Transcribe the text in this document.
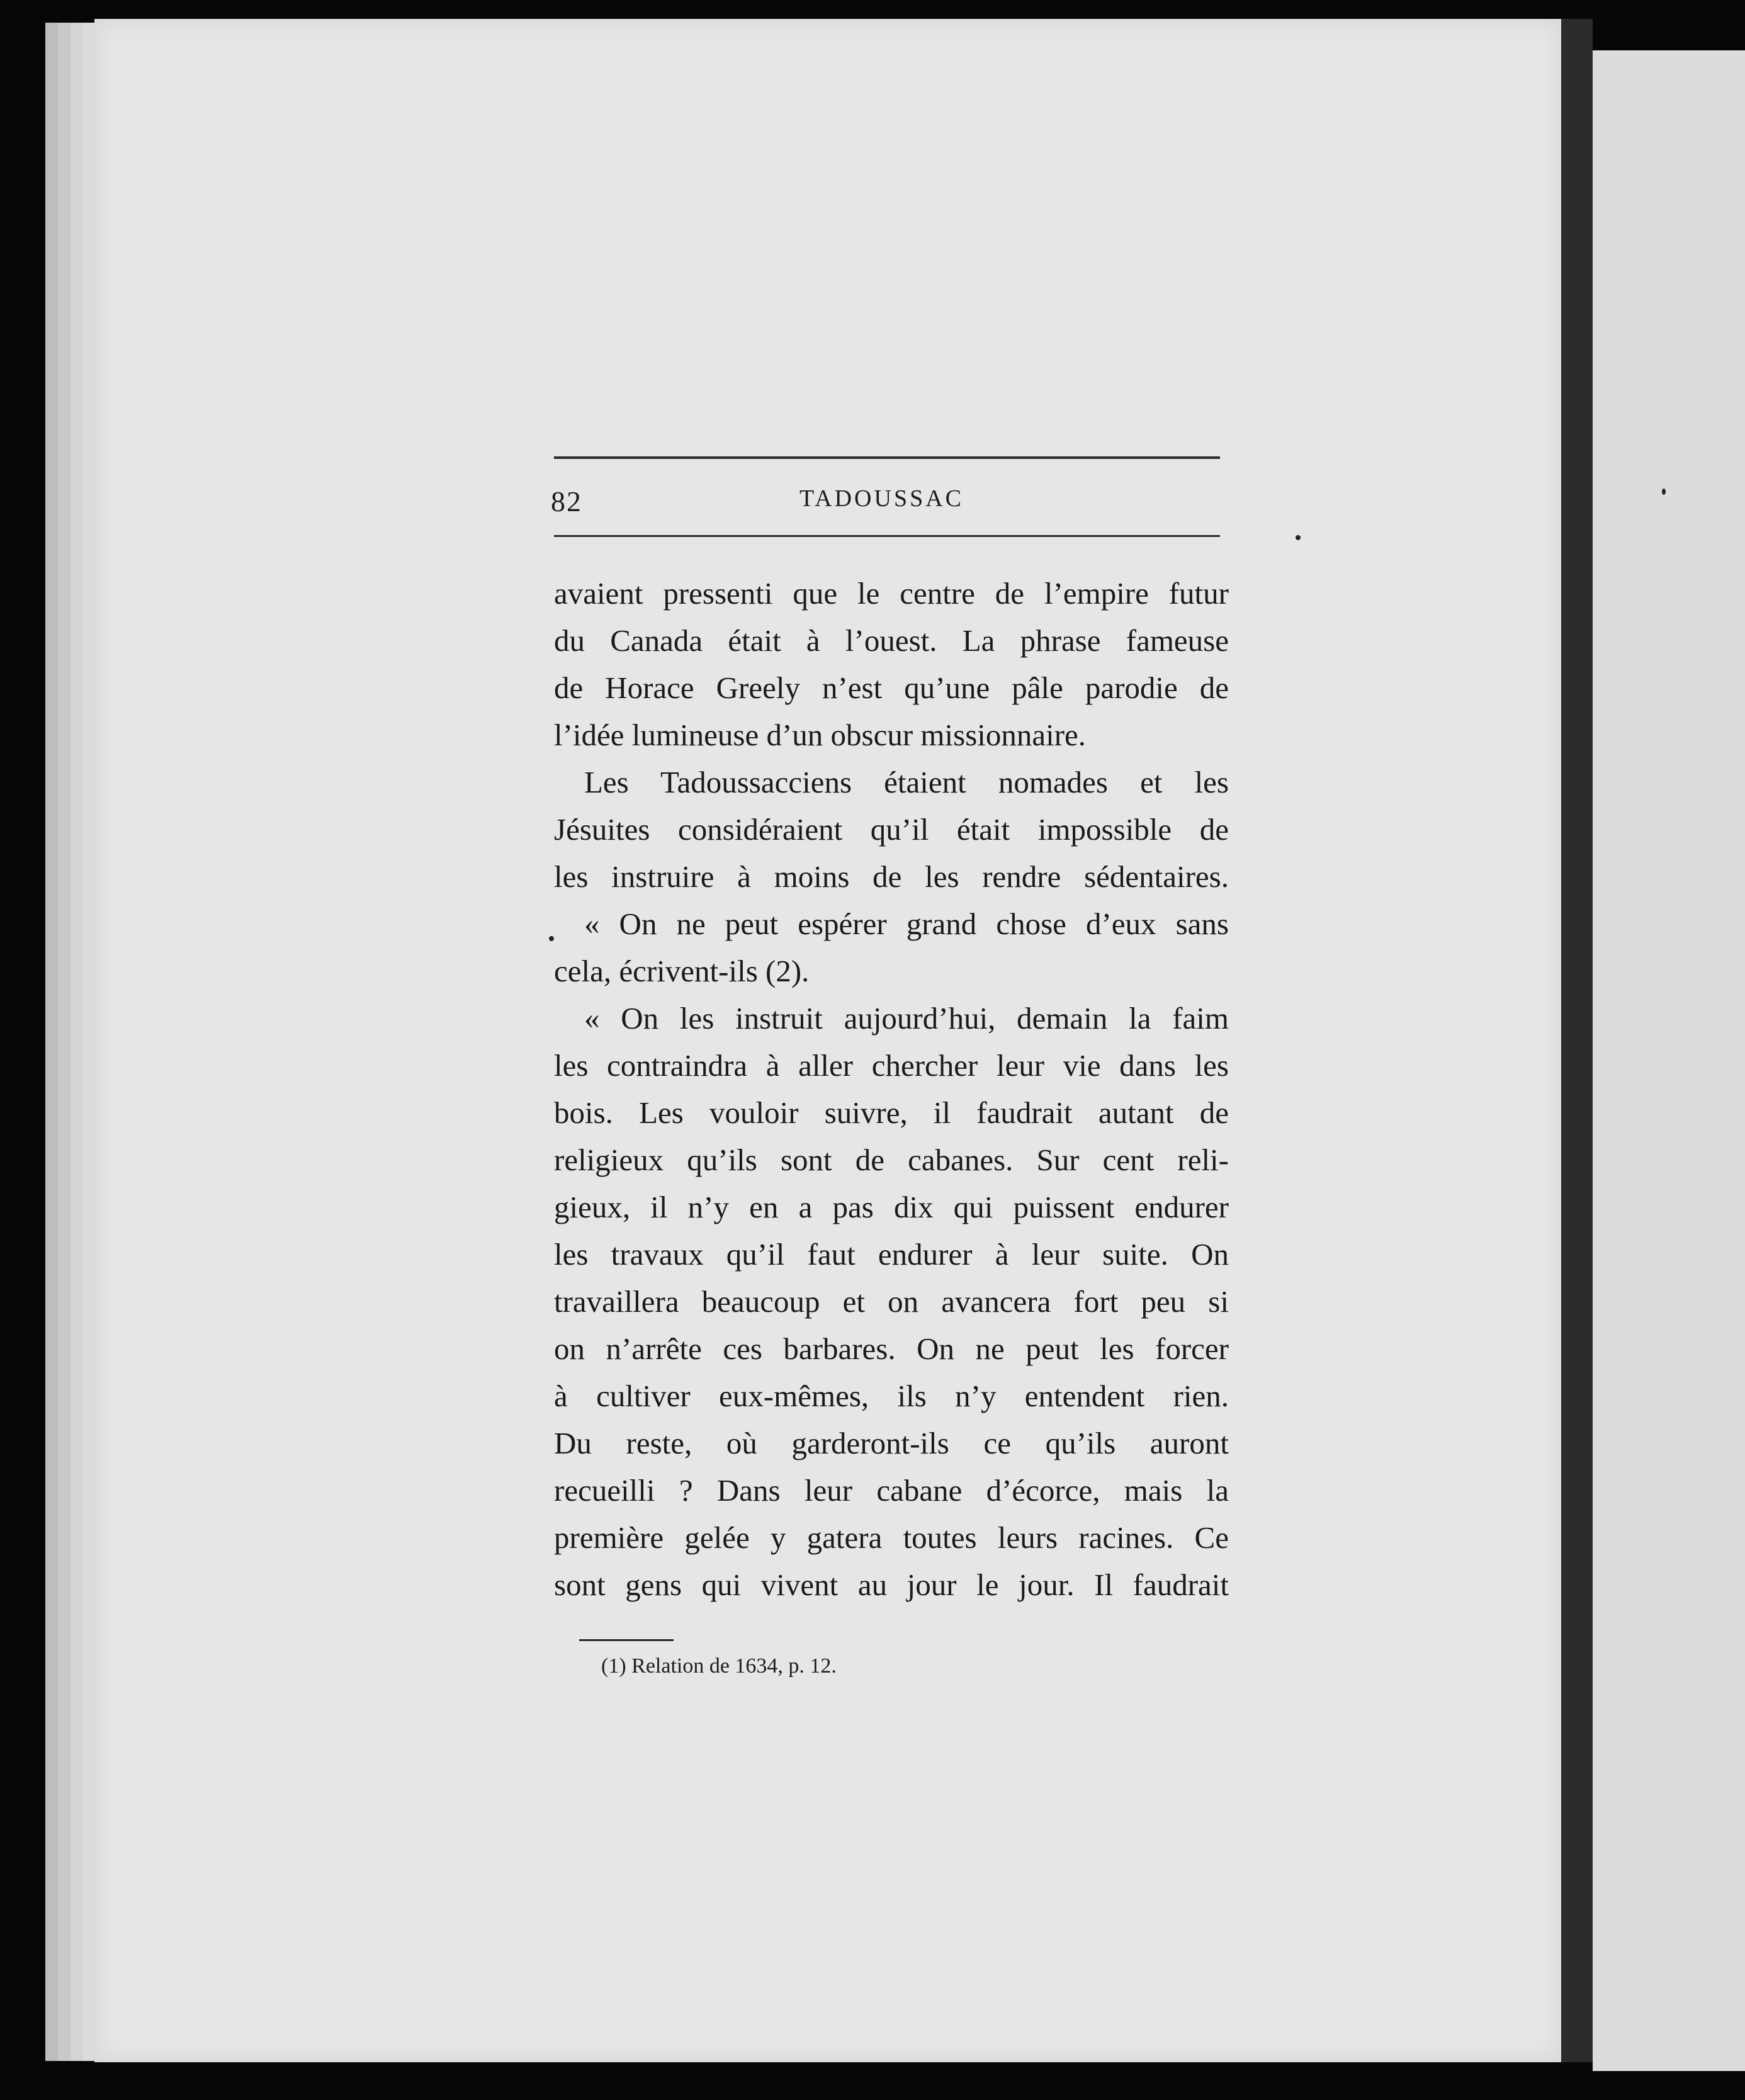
82	TADOUSSAC
avaient pressenti que le centre de l’empire futur
du Canada était à l’ouest. La phrase fameuse
de Horace Greely n’est qu’une pâle parodie de
l’idée lumineuse d’un obscur missionnaire.
Les Tadoussacciens étaient nomades et les
Jésuites considéraient qu’il était impossible de
les instruire à moins de les rendre sédentaires.
« On ne peut espérer grand chose d’eux sans
cela, écrivent-ils (2).
« On les instruit aujourd’hui, demain la faim
les contraindra à aller chercher leur vie dans les
bois. Les vouloir suivre, il faudrait autant de
religieux qu’ils sont de cabanes. Sur cent reli-
gieux, il n’y en a pas dix qui puissent endurer
les travaux qu’il faut endurer à leur suite. On
travaillera beaucoup et on avancera fort peu si
on n’arrête ces barbares. On ne peut les forcer
à cultiver eux-mêmes, ils n’y entendent rien.
Du reste, où garderont-ils ce qu’ils auront
recueilli ? Dans leur cabane d’écorce, mais la
première gelée y gatera toutes leurs racines. Ce
sont gens qui vivent au jour le jour. Il faudrait
(1) Relation de 1634, p. 12.
